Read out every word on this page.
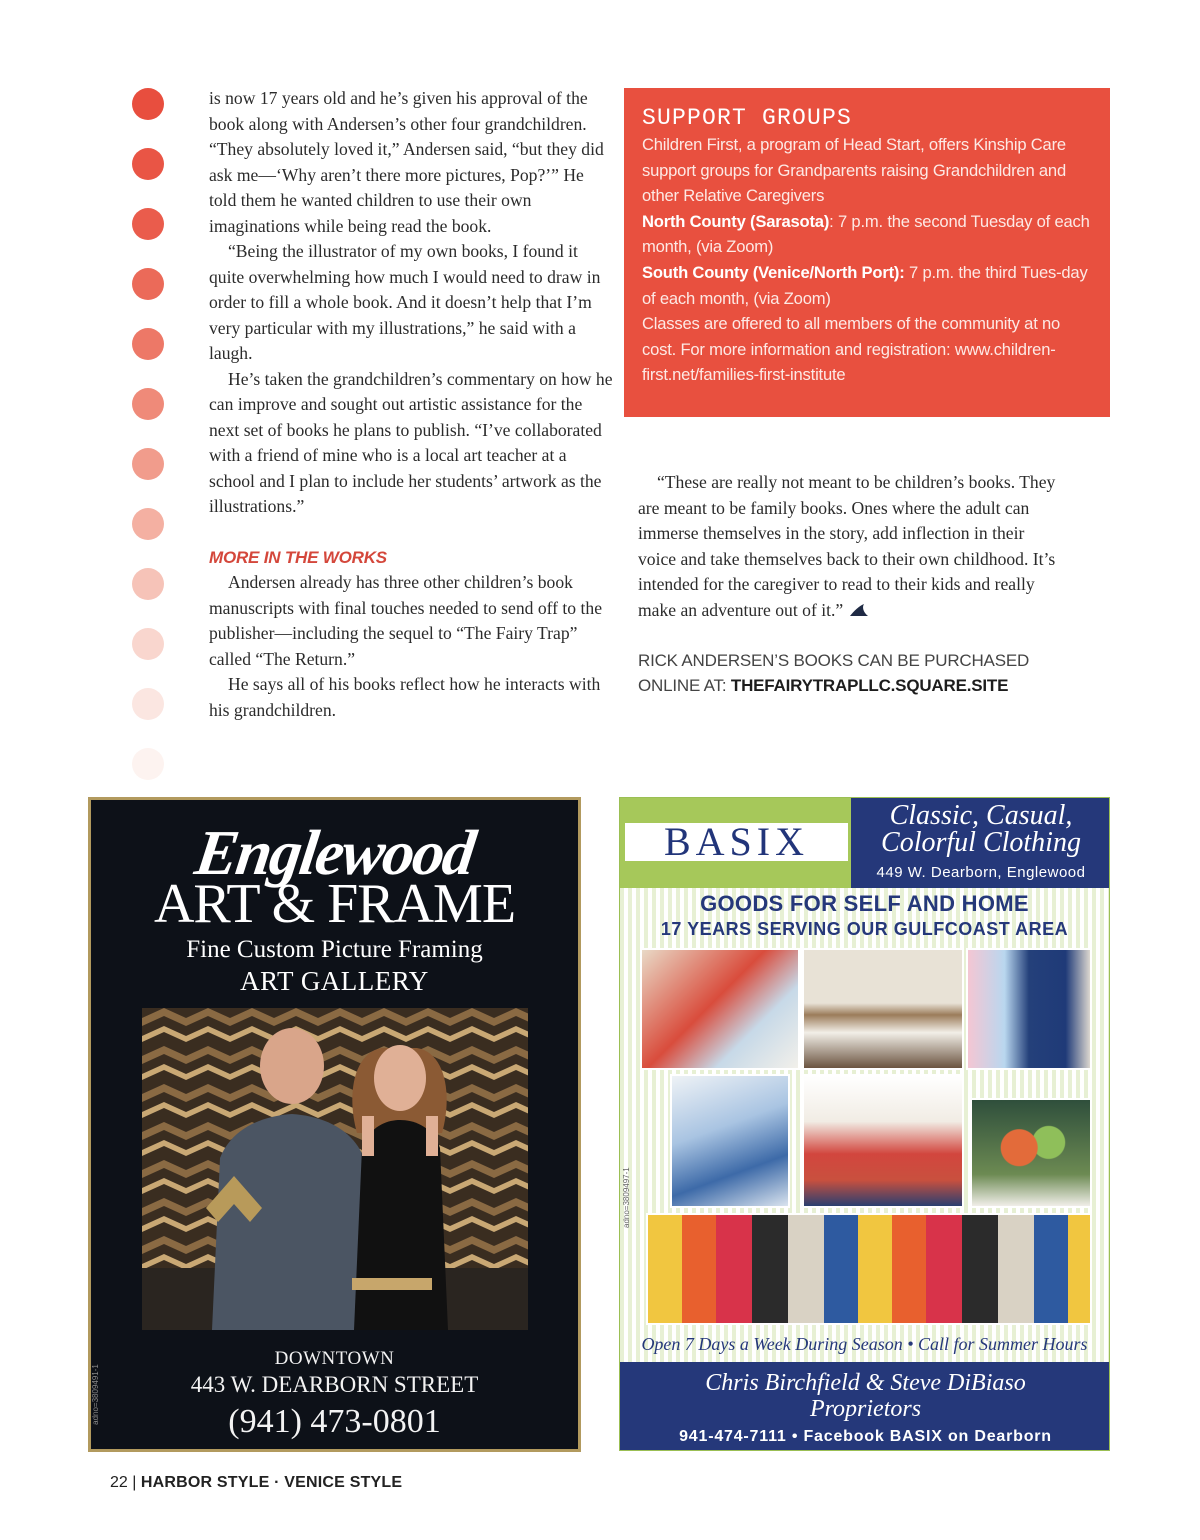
is now 17 years old and he’s given his approval of the book along with Andersen’s other four grandchildren. “They absolutely loved it,” Andersen said, “but they did ask me—‘Why aren’t there more pictures, Pop?’” He told them he wanted children to use their own imaginations while being read the book.

“Being the illustrator of my own books, I found it quite overwhelming how much I would need to draw in order to fill a whole book. And it doesn’t help that I’m very particular with my illustrations,” he said with a laugh.

He’s taken the grandchildren’s commentary on how he can improve and sought out artistic assistance for the next set of books he plans to publish. “I’ve collaborated with a friend of mine who is a local art teacher at a school and I plan to include her students’ artwork as the illustrations.”

MORE IN THE WORKS

Andersen already has three other children’s book manuscripts with final touches needed to send off to the publisher—including the sequel to “The Fairy Trap” called “The Return.”

He says all of his books reflect how he interacts with his grandchildren.

SUPPORT GROUPS
Children First, a program of Head Start, offers Kinship Care support groups for Grandparents raising Grandchildren and other Relative Caregivers
North County (Sarasota): 7 p.m. the second Tuesday of each month, (via Zoom)
South County (Venice/North Port): 7 p.m. the third Tues-day of each month, (via Zoom)
Classes are offered to all members of the community at no cost. For more information and registration: www.children-first.net/families-first-institute

“These are really not meant to be children’s books. They are meant to be family books. Ones where the adult can immerse themselves in the story, add inflection in their voice and take themselves back to their own childhood. It’s intended for the caregiver to read to their kids and really make an adventure out of it.”

RICK ANDERSEN’S BOOKS CAN BE PURCHASED ONLINE AT: THEFAIRYTRAPLLC.SQUARE.SITE
Englewood
ART & FRAME
Fine Custom Picture Framing
ART GALLERY
DOWNTOWN
443 W. DEARBORN STREET
(941) 473-0801
adno=3809491-1
BASIX
Classic, Casual,
Colorful Clothing
449 W. Dearborn, Englewood
GOODS FOR SELF AND HOME
17 YEARS SERVING OUR GULFCOAST AREA
adno=3809497-1
Open 7 Days a Week During Season • Call for Summer Hours
Chris Birchfield & Steve DiBiaso
Proprietors
941-474-7111 • Facebook BASIX on Dearborn
22 | HARBOR STYLE · VENICE STYLE
